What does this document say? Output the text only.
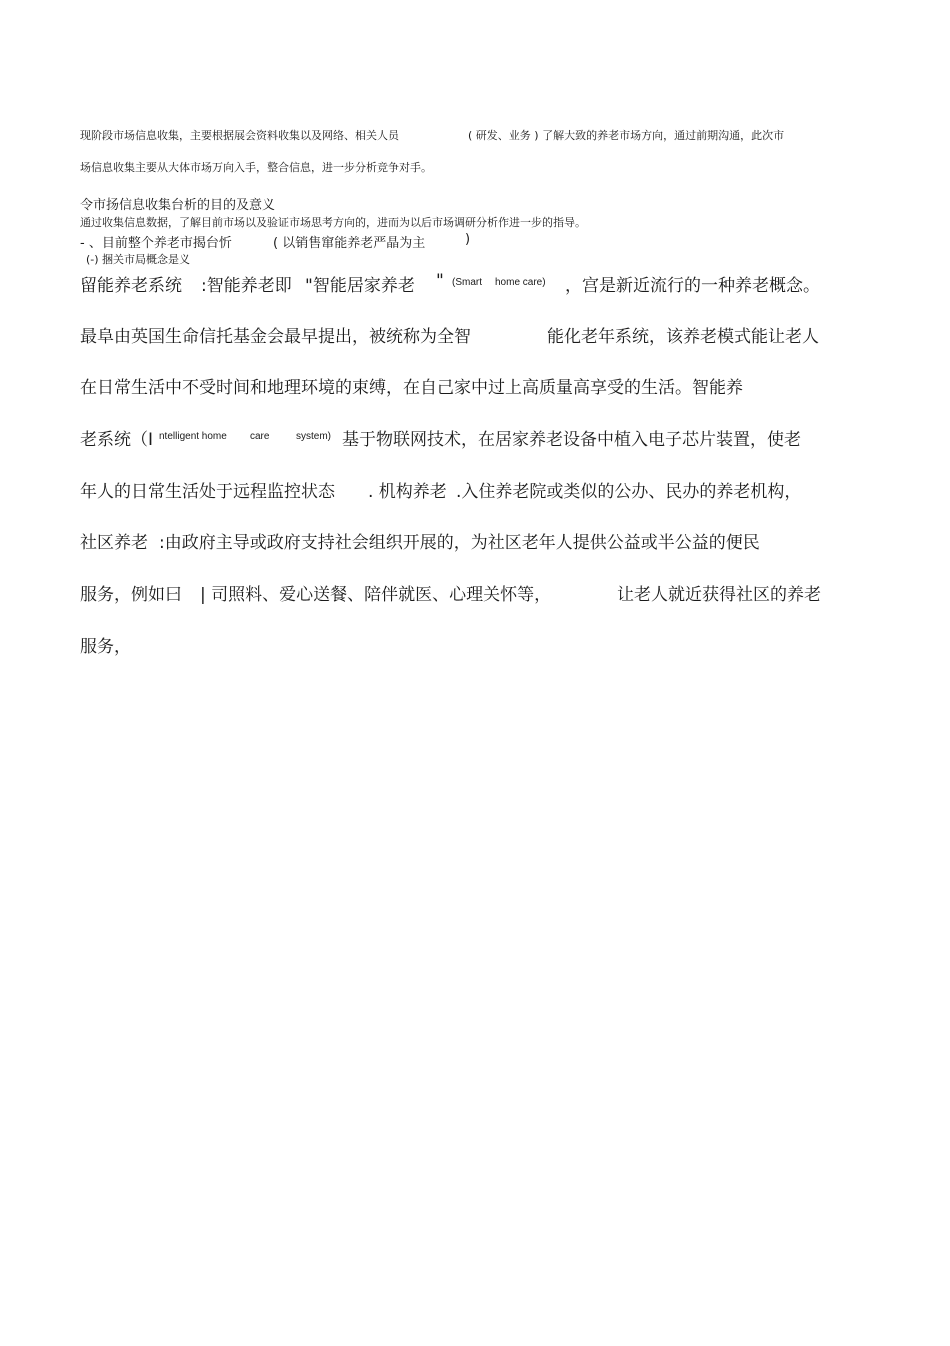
现阶段市场信息收集，主要根据展会资料收集以及网络、相关人员	( 研发、业务 ) 了解大致的养老市场方向，通过前期沟通，此次市
场信息收集主要从大体市场万向入手，整合信息，进一步分析竞争对手。
令市扬信息收集台析的目的及意义
通过收集信息数据，了解目前市场以及验证市场思考方向的，进而为以后市场调研分析作进一步的指导。
- 、目前整个养老市揭台忻	( 以销售窜能养老严晶为主	)
(-) 捆关市局概念是义
留能养老系统 :智能养老即 "智能居家养老 " (Smart home care) ，宫是新近流行的一种养老概念。
最阜由英国生命信托基金会最早提出，被统称为全智	能化老年系统，该养老模式能让老人
在日常生活中不受时间和地理环境的束缚，在自己家中过上高质量高享受的生活。智能养
老系统（I ntelligent home care	system) 基于物联网技术，在居家养老设备中植入电子芯片装置，使老
年人的日常生活处于远程监控状态 . 机构养老 .入住养老院或类似的公办、民办的养老机构，
社区养老 :由政府主导或政府支持社会组织开展的，为社区老年人提供公益或半公益的便民
服务，例如曰 | 司照料、爱心送餐、陪伴就医、心理关怀等，	让老人就近获得社区的养老
服务，
